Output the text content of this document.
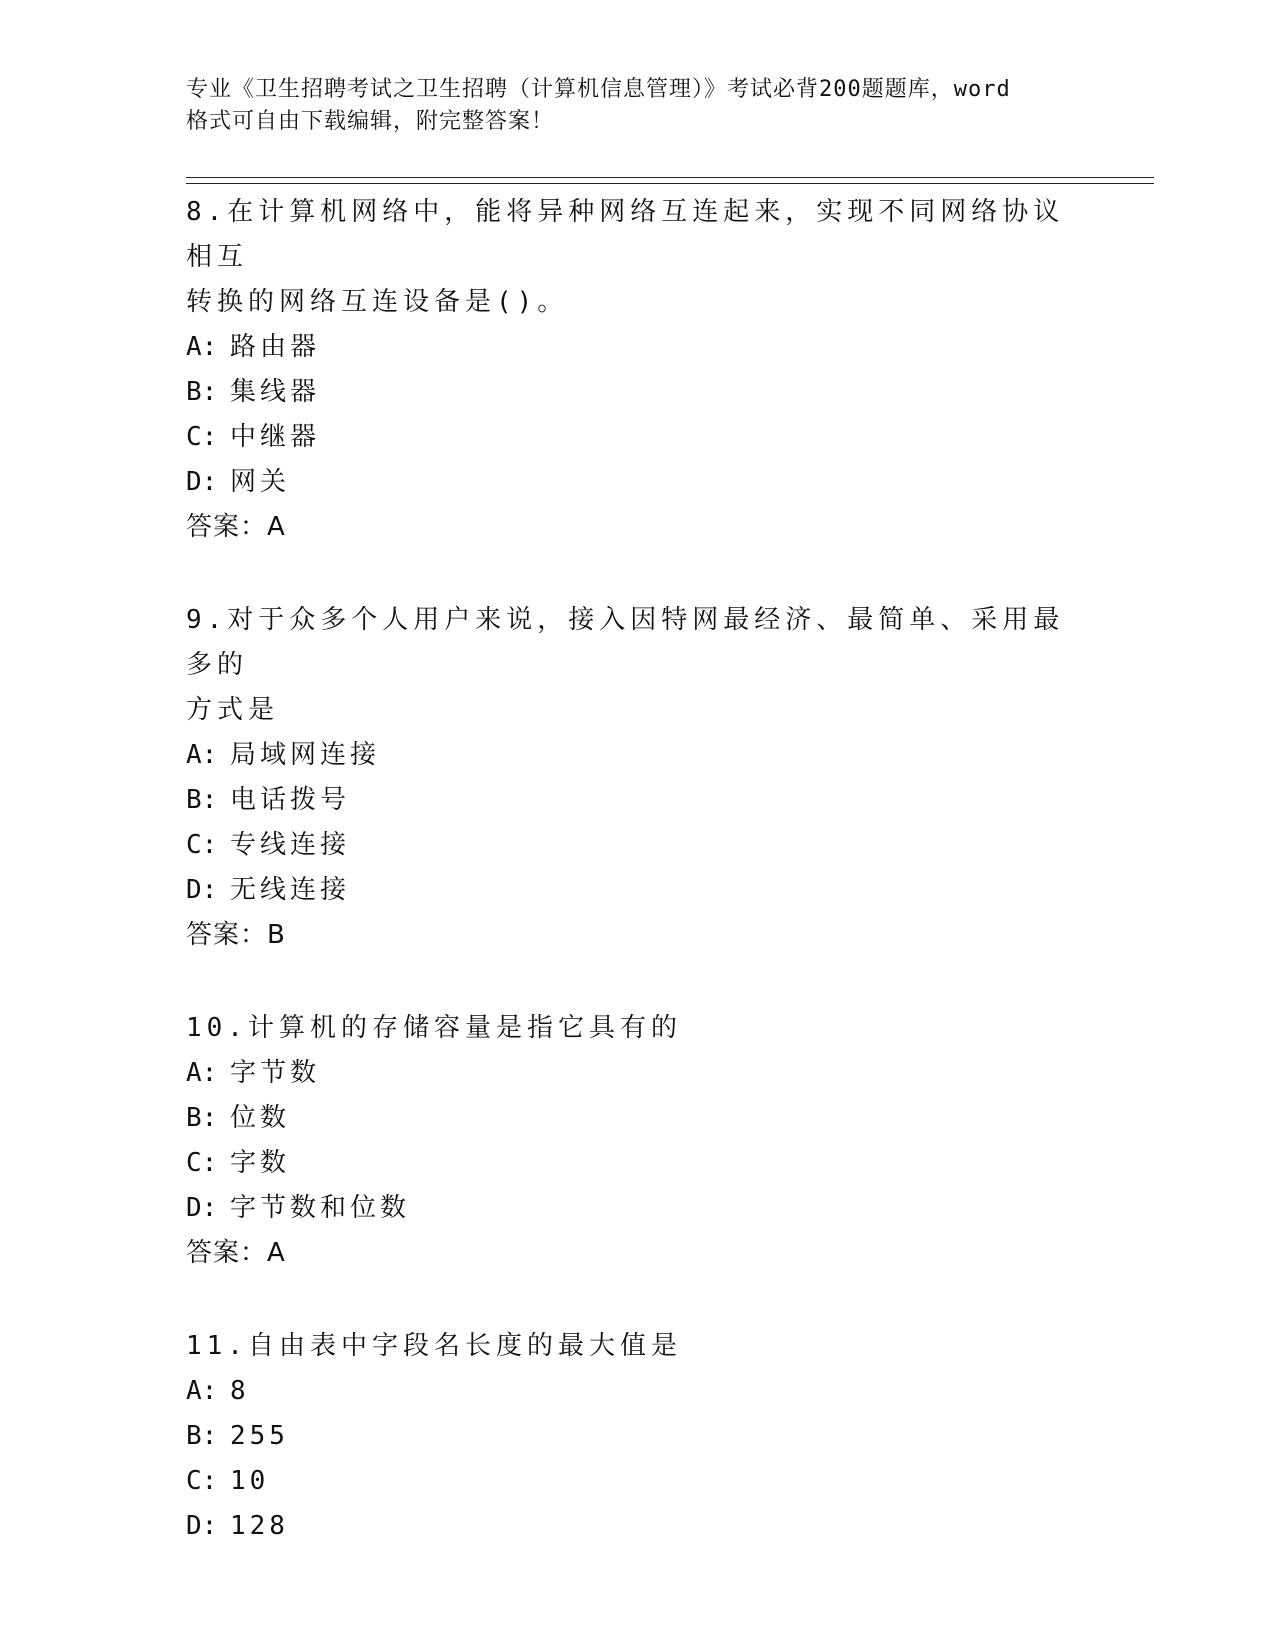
专业《卫生招聘考试之卫生招聘（计算机信息管理）》考试必背200题题库，word
格式可自由下载编辑，附完整答案！
8.在计算机网络中，能将异种网络互连起来，实现不同网络协议相互
转换的网络互连设备是()。
A: 路由器
B: 集线器
C: 中继器
D: 网关
答案：A
9.对于众多个人用户来说，接入因特网最经济、最简单、采用最多的
方式是
A: 局域网连接
B: 电话拨号
C: 专线连接
D: 无线连接
答案：B
10.计算机的存储容量是指它具有的
A: 字节数
B: 位数
C: 字数
D: 字节数和位数
答案：A
11.自由表中字段名长度的最大值是
A: 8
B: 255
C: 10
D: 128
